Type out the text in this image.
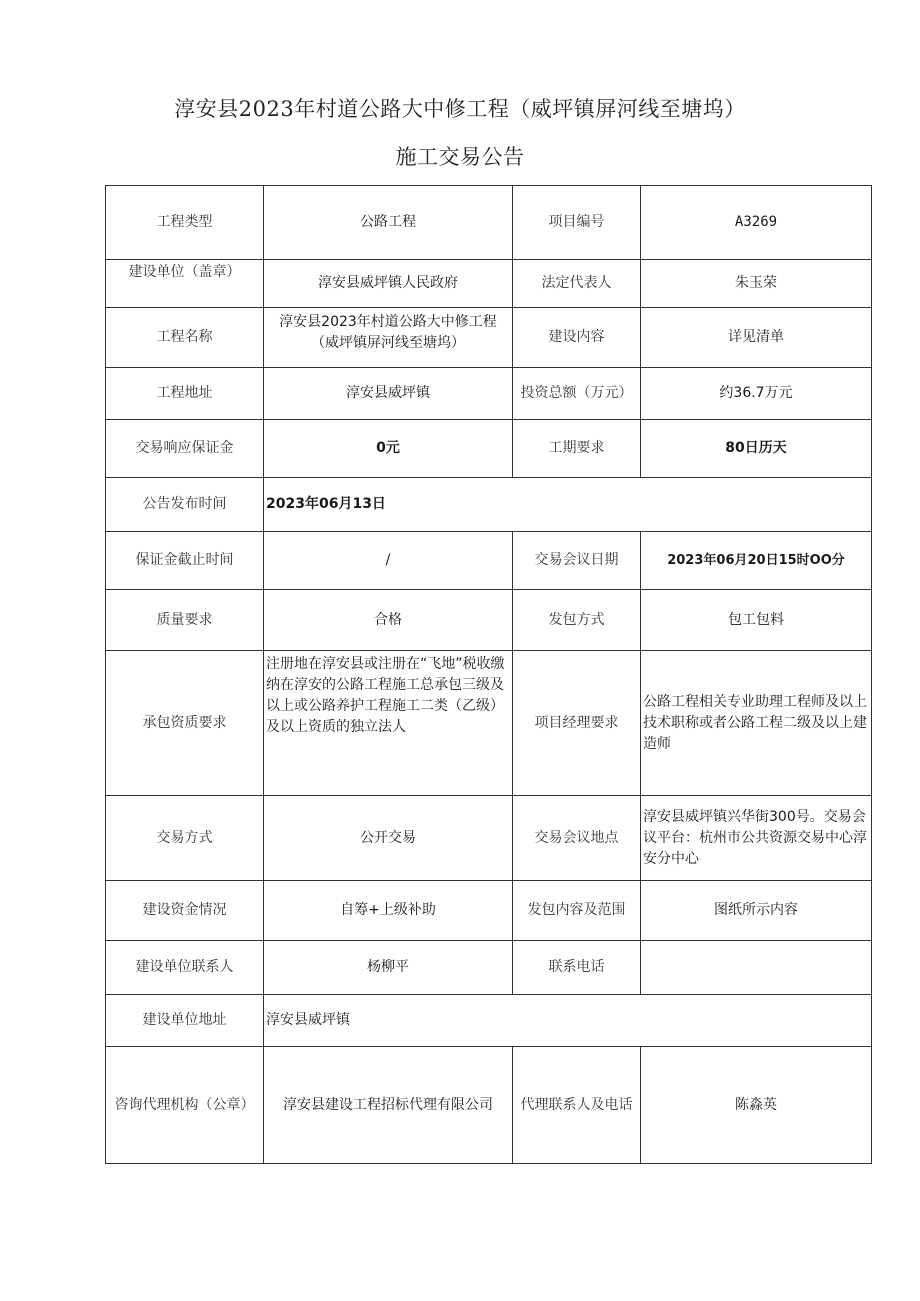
淳安县2023年村道公路大中修工程（威坪镇屏河线至塘坞）
施工交易公告
工程类型	公路工程	项目编号	A3269
建设单位（盖章）	淳安县威坪镇人民政府	法定代表人	朱玉荣
工程名称	淳安县2023年村道公路大中修工程（威坪镇屏河线至塘坞）	建设内容	详见清单
工程地址	淳安县威坪镇	投资总额（万元）	约36.7万元
交易响应保证金	0元	工期要求	80日历天
公告发布时间	2023年06月13日		
保证金截止时间	/	交易会议日期	2023年06月20日15时OO分
质量要求	合格	发包方式	包工包料
承包资质要求	注册地在淳安县或注册在“飞地”税收缴纳在淳安的公路工程施工总承包三级及以上或公路养护工程施工二类（乙级）及以上资质的独立法人	项目经理要求	公路工程相关专业助理工程师及以上技术职称或者公路工程二级及以上建造师
交易方式	公开交易	交易会议地点	淳安县威坪镇兴华街300号。交易会议平台：杭州市公共资源交易中心淳安分中心
建设资金情况	自筹+上级补助	发包内容及范围	图纸所示内容
建设单位联系人	杨柳平	联系电话	
建设单位地址	淳安县威坪镇		
咨询代理机构（公章）	淳安县建设工程招标代理有限公司	代理联系人及电话	陈淼英
